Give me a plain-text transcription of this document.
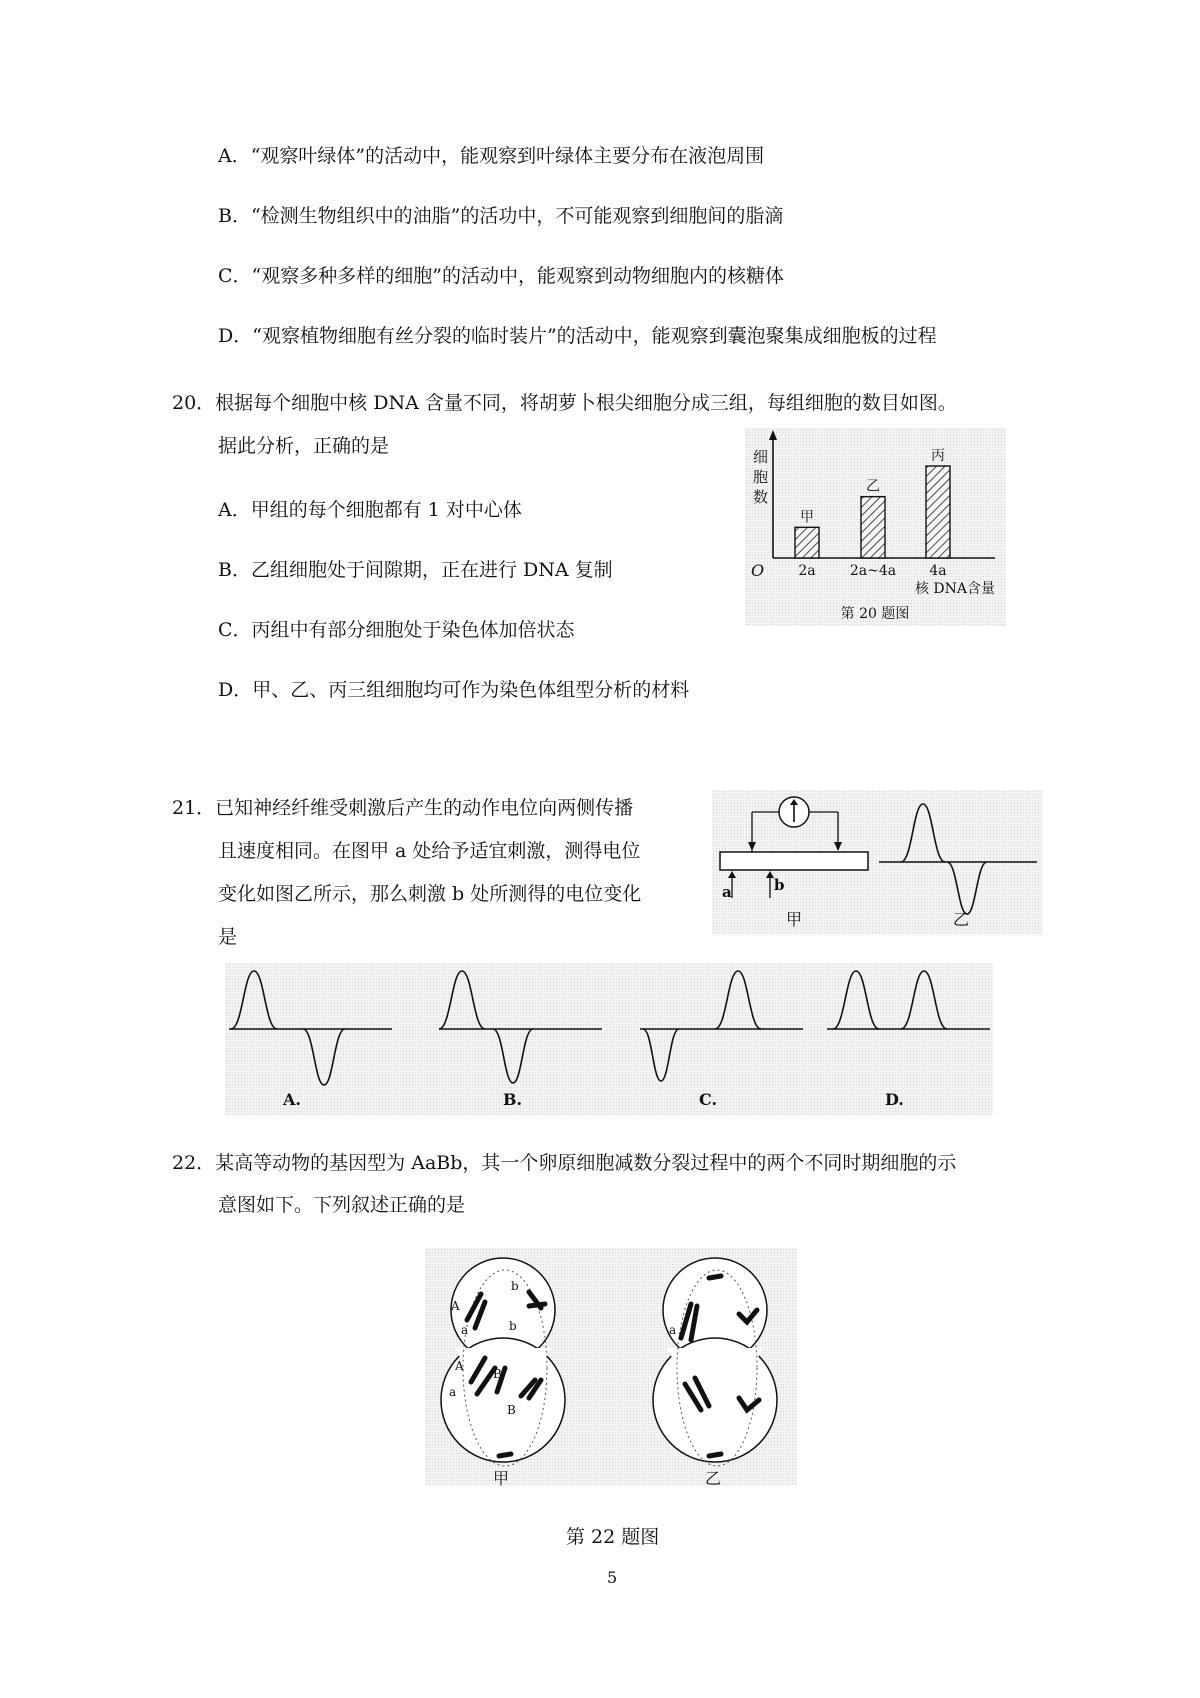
A．“观察叶绿体”的活动中，能观察到叶绿体主要分布在液泡周围
B．“检测生物组织中的油脂”的活功中，不可能观察到细胞间的脂滴
C．“观察多种多样的细胞”的活动中，能观察到动物细胞内的核糖体
D．“观察植物细胞有丝分裂的临时装片”的活动中，能观察到囊泡聚集成细胞板的过程
20．根据每个细胞中核 DNA 含量不同，将胡萝卜根尖细胞分成三组，每组细胞的数目如图。
据此分析，正确的是
A．甲组的每个细胞都有 1 对中心体
B．乙组细胞处于间隙期，正在进行 DNA 复制
C．丙组中有部分细胞处于染色体加倍状态
D．甲、乙、丙三组细胞均可作为染色体组型分析的材料
O
细胞数
甲
2a
乙
2a~4a
丙
4a
核 DNA含量
第 20 题图
21．已知神经纤维受刺激后产生的动作电位向两侧传播
且速度相同。在图甲 a 处给予适宜刺激，测得电位
变化如图乙所示，那么刺激 b 处所测得的电位变化
是
a	b
甲	乙
A.	B.	C.	D.
22．某高等动物的基因型为 AaBb，其一个卵原细胞减数分裂过程中的两个不同时期细胞的示
意图如下。下列叙述正确的是
Aa b b A a BB
甲
a
乙
第 22 题图
5
